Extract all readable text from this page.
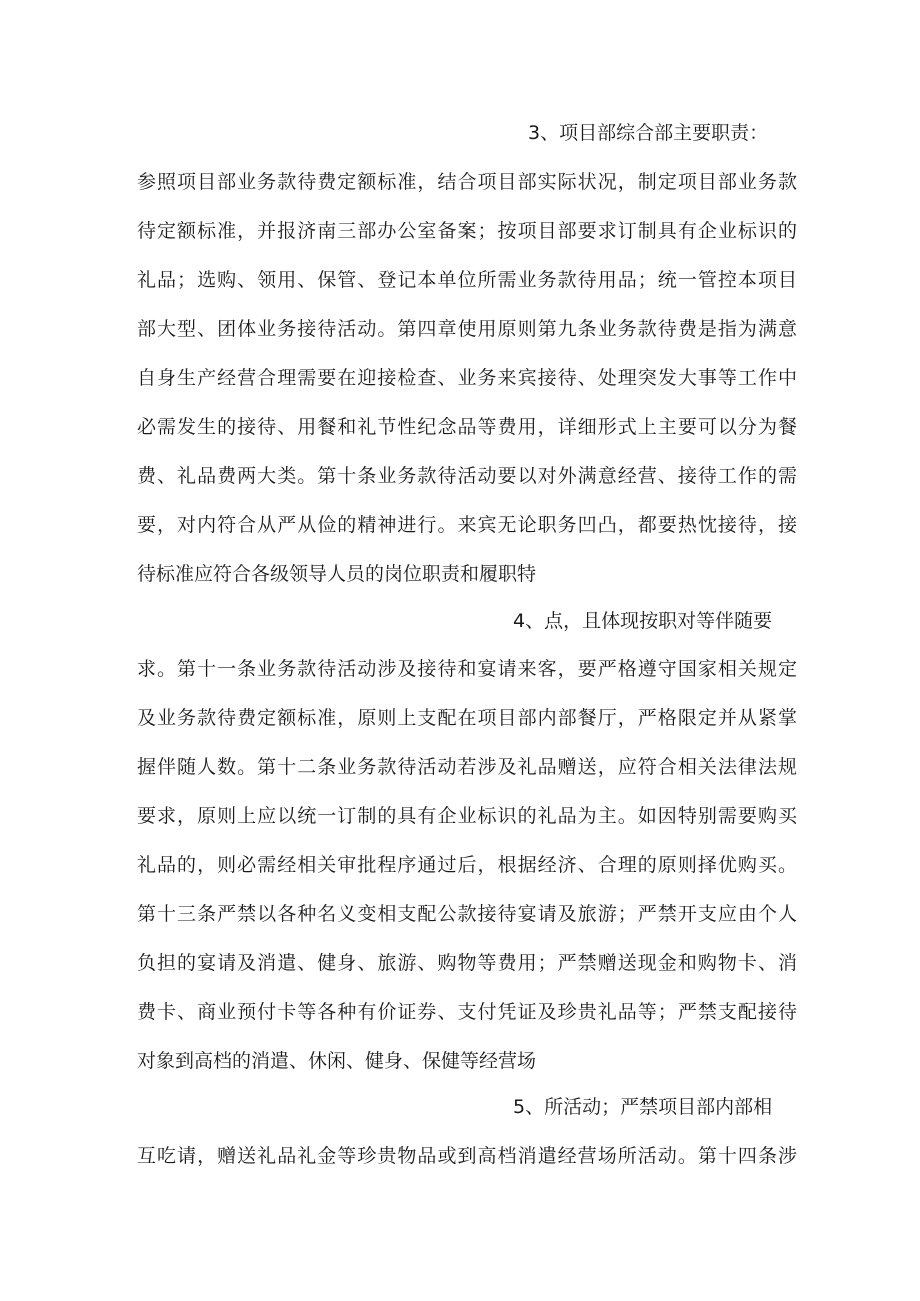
3、项目部综合部主要职责：
参照项目部业务款待费定额标准，结合项目部实际状况，制定项目部业务款
待定额标准，并报济南三部办公室备案；按项目部要求订制具有企业标识的
礼品；选购、领用、保管、登记本单位所需业务款待用品；统一管控本项目
部大型、团体业务接待活动。第四章使用原则第九条业务款待费是指为满意
自身生产经营合理需要在迎接检查、业务来宾接待、处理突发大事等工作中
必需发生的接待、用餐和礼节性纪念品等费用，详细形式上主要可以分为餐
费、礼品费两大类。第十条业务款待活动要以对外满意经营、接待工作的需
要，对内符合从严从俭的精神进行。来宾无论职务凹凸，都要热忱接待，接
待标准应符合各级领导人员的岗位职责和履职特
4、点，且体现按职对等伴随要
求。第十一条业务款待活动涉及接待和宴请来客，要严格遵守国家相关规定
及业务款待费定额标准，原则上支配在项目部内部餐厅，严格限定并从紧掌
握伴随人数。第十二条业务款待活动若涉及礼品赠送，应符合相关法律法规
要求，原则上应以统一订制的具有企业标识的礼品为主。如因特别需要购买
礼品的，则必需经相关审批程序通过后，根据经济、合理的原则择优购买。
第十三条严禁以各种名义变相支配公款接待宴请及旅游；严禁开支应由个人
负担的宴请及消遣、健身、旅游、购物等费用；严禁赠送现金和购物卡、消
费卡、商业预付卡等各种有价证券、支付凭证及珍贵礼品等；严禁支配接待
对象到高档的消遣、休闲、健身、保健等经营场
5、所活动；严禁项目部内部相
互吃请，赠送礼品礼金等珍贵物品或到高档消遣经营场所活动。第十四条涉
